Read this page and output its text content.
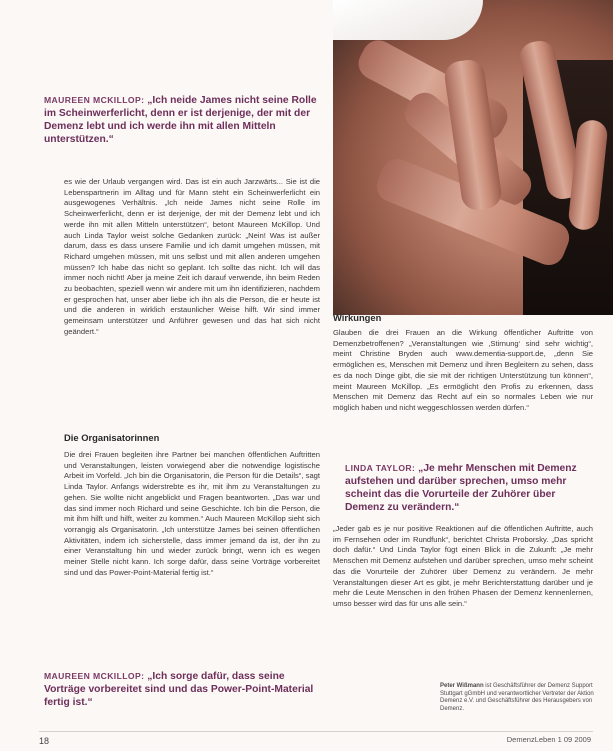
MAUREEN MCKILLOP: „Ich neide James nicht seine Rolle im Scheinwerferlicht, denn er ist derjenige, der mit der Demenz lebt und ich werde ihn mit allen Mitteln unterstützen.“

es wie der Urlaub vergangen wird. Das ist ein auch Jarzwärts... Sie ist die Lebenspartnerin im Alltag und für Mann steht ein Scheinwerferlicht ein ausgewogenes Verhältnis. „Ich neide James nicht seine Rolle im Scheinwerferlicht, denn er ist derjenige, der mit der Demenz lebt und ich werde ihn mit allen Mitteln unterstützen“, betont Maureen McKillop. Und auch Linda Taylor weist solche Gedanken zurück: „Nein! Was ist außer darum, dass es dass unsere Familie und ich damit umgehen müssen, mit Richard umgehen müssen, mit uns selbst und mit allen anderen umgehen müssen? Ich habe das nicht so geplant. Ich sollte das nicht. Ich will das immer noch nicht! Aber ja meine Zeit ich darauf verwende, ihn beim Reden zu beobachten, speziell wenn wir andere mit um ihn identifizieren, nachdem er gesprochen hat, unser aber liebe ich ihn als die Person, die er heute ist und die anderen in wirklich erstaunlicher Weise hilft. Wir sind immer gemeinsam unterstützer und Anführer gewesen und das hat sich nicht geändert.“

Die Organisatorinnen

Die drei Frauen begleiten ihre Partner bei manchen öffentlichen Auftritten und Veranstaltungen, leisten vorwiegend aber die notwendige logistische Arbeit im Vorfeld. „Ich bin die Organisatorin, die Person für die Details“, sagt Linda Taylor. Anfangs widerstrebte es ihr, mit ihm zu Veranstaltungen zu gehen. Sie wollte nicht angeblickt und Fragen beantworten. „Das war und das sind immer noch Richard und seine Geschichte. Ich bin die Person, die mit ihm hilft und hilft, weiter zu kommen.“ Auch Maureen McKillop sieht sich vorrangig als Organisatorin. „Ich unterstütze James bei seinen öffentlichen Aktivitäten, indem ich sicherstelle, dass immer jemand da ist, der ihn zu einer Veranstaltung hin und wieder zurück bringt, wenn ich es wegen meiner Stelle nicht kann. Ich sorge dafür, dass seine Vorträge vorbereitet sind und das Power-Point-Material fertig ist.“

MAUREEN MCKILLOP: „Ich sorge dafür, dass seine Vorträge vorbereitet sind und das Power-Point-Material fertig ist.“
Wirkungen

Glauben die drei Frauen an die Wirkung öffentlicher Auftritte von Demenzbetroffenen? „Veranstaltungen wie ‚Stirnung‘ sind sehr wichtig“, meint Christine Bryden auch www.dementia-support.de, „denn Sie ermöglichen es, Menschen mit Demenz und ihren Begleitern zu sehen, dass es da noch Dinge gibt, die sie mit der richtigen Unterstützung tun können“, meint Maureen McKillop. „Es ermöglicht den Profis zu erkennen, dass Menschen mit Demenz das Recht auf ein so normales Leben wie nur möglich haben und nicht weggeschlossen werden dürfen.“

LINDA TAYLOR: „Je mehr Menschen mit Demenz aufstehen und darüber sprechen, umso mehr scheint das die Vorurteile der Zuhörer über Demenz zu verändern.“

„Jeder gab es je nur positive Reaktionen auf die öffentlichen Auftritte, auch im Fernsehen oder im Rundfunk“, berichtet Christa Proborsky. „Das spricht doch dafür.“ Und Linda Taylor fügt einen Blick in die Zukunft: „Je mehr Menschen mit Demenz aufstehen und darüber sprechen, umso mehr scheint das die Vorurteile der Zuhörer über Demenz zu verändern. Je mehr Veranstaltungen dieser Art es gibt, je mehr Berichterstattung darüber und je mehr die Leute Menschen in den frühen Phasen der Demenz kennenlernen, umso besser wird das für uns alle sein.“

Peter Wißmann ist Geschäftsführer der Demenz Support Stuttgart gGmbH und verantwortlicher Vertreter der Aktion Demenz e.V. und Geschäftsführer des Herausgebers von Demenz.
18	DemenzLeben 1 09 2009
